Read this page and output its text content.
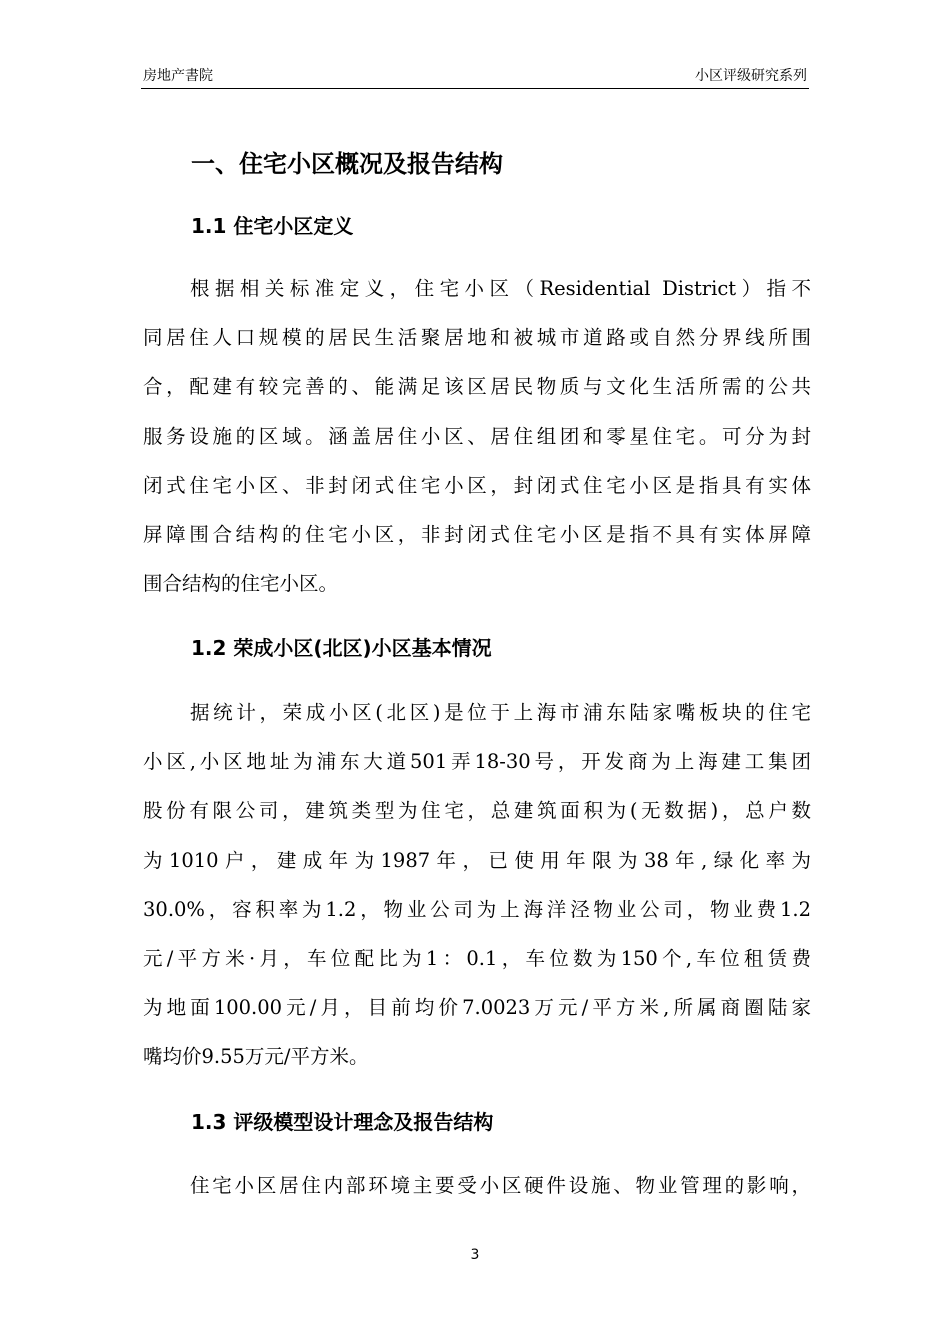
房地产書院	小区评级研究系列
一、住宅小区概况及报告结构
1.1 住宅小区定义
根据相关标准定义，住宅小区（Residential District）指不
同居住人口规模的居民生活聚居地和被城市道路或自然分界线所围
合，配建有较完善的、能满足该区居民物质与文化生活所需的公共
服务设施的区域。涵盖居住小区、居住组团和零星住宅。可分为封
闭式住宅小区、非封闭式住宅小区，封闭式住宅小区是指具有实体
屏障围合结构的住宅小区，非封闭式住宅小区是指不具有实体屏障
围合结构的住宅小区。
1.2 荣成小区(北区)小区基本情况
据统计，荣成小区(北区)是位于上海市浦东陆家嘴板块的住宅
小区,小区地址为浦东大道501弄18-30号，开发商为上海建工集团
股份有限公司，建筑类型为住宅，总建筑面积为(无数据)，总户数
为1010户，建成年为1987年，已使用年限为38年,绿化率为
30.0%，容积率为1.2，物业公司为上海洋泾物业公司，物业费1.2
元/平方米·月，车位配比为1：0.1，车位数为150个,车位租赁费
为地面100.00元/月，目前均价7.0023万元/平方米,所属商圈陆家
嘴均价9.55万元/平方米。
1.3 评级模型设计理念及报告结构
住宅小区居住内部环境主要受小区硬件设施、物业管理的影响，
3
